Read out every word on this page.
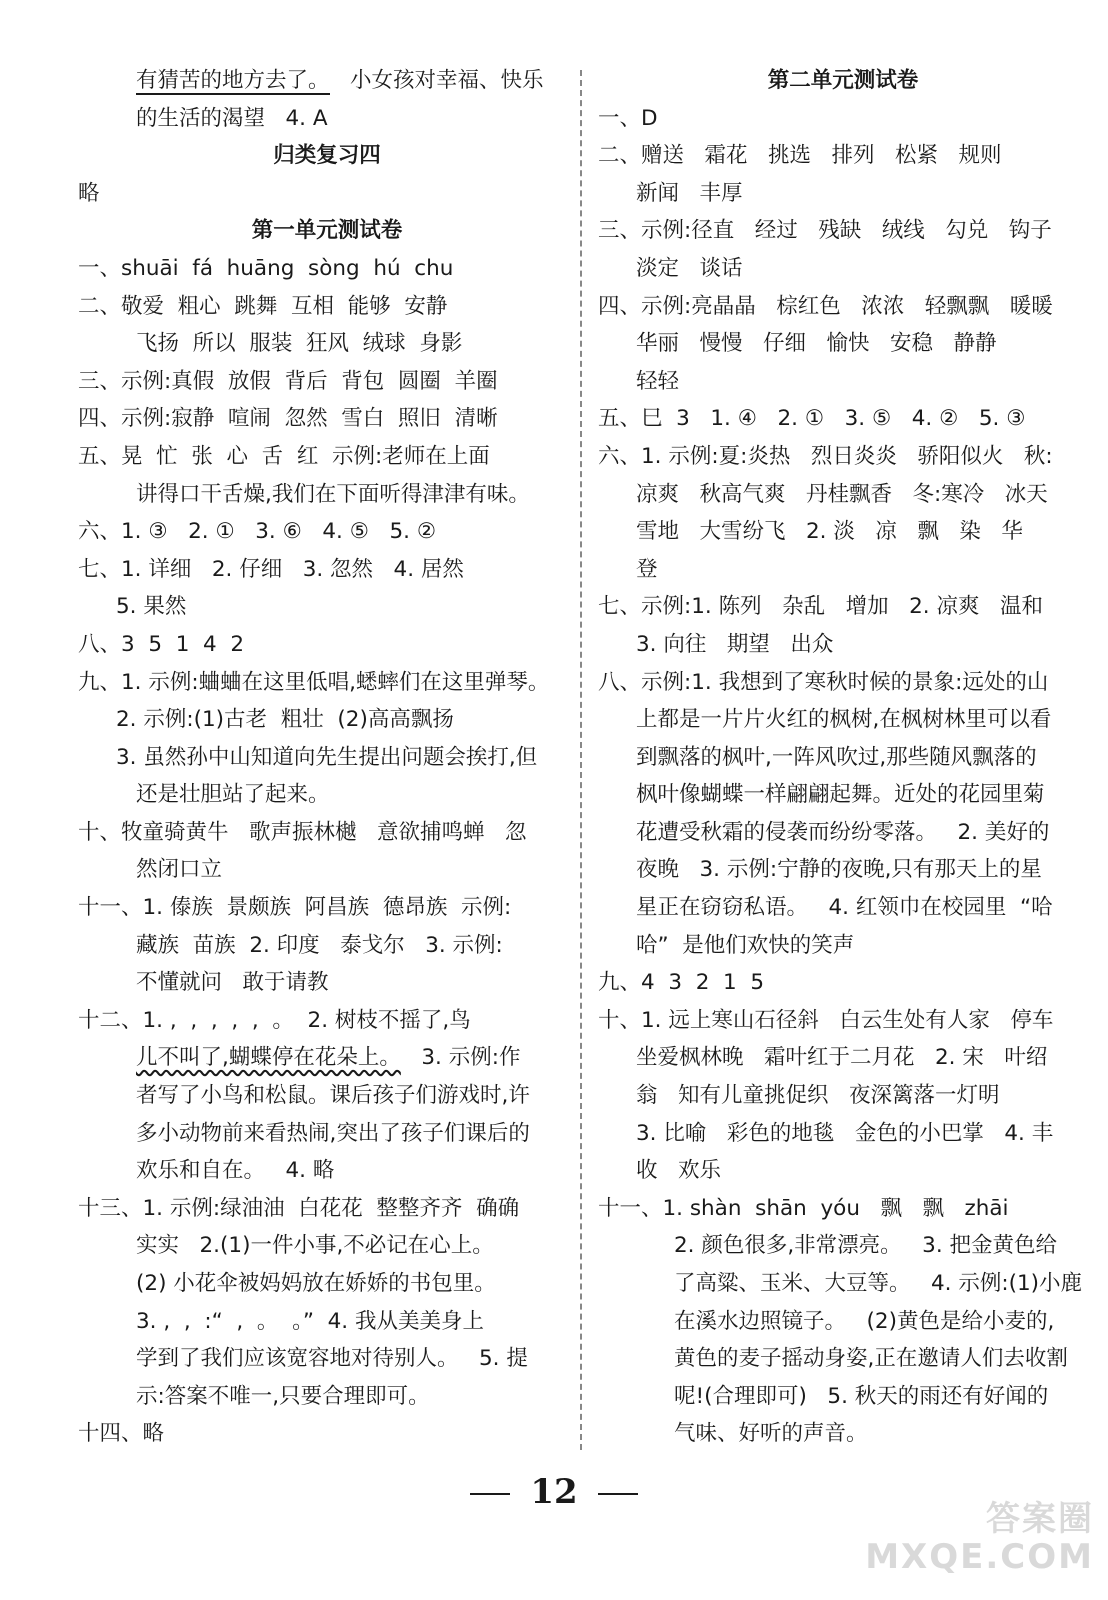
有猜苦的地方去了。   小女孩对幸福、快乐
的生活的渴望   4. A
归类复习四
略
第一单元测试卷
一、shuāi  fá  huāng  sòng  hú  chu
二、敬爱  粗心  跳舞  互相  能够  安静
飞扬  所以  服装  狂风  绒球  身影
三、示例:真假  放假  背后  背包  圆圈  羊圈
四、示例:寂静  喧闹  忽然  雪白  照旧  清晰
五、晃  忙  张  心  舌  红  示例:老师在上面
讲得口干舌燥,我们在下面听得津津有味。
六、1. ③   2. ①   3. ⑥   4. ⑤   5. ②
七、1. 详细   2. 仔细   3. 忽然   4. 居然
5. 果然
八、3  5  1  4  2
九、1. 示例:蛐蛐在这里低唱,蟋蟀们在这里弹琴。
2. 示例:(1)古老  粗壮  (2)高高飘扬
3. 虽然孙中山知道向先生提出问题会挨打,但
还是壮胆站了起来。
十、牧童骑黄牛   歌声振林樾   意欲捕鸣蝉   忽
然闭口立
十一、1. 傣族  景颇族  阿昌族  德昂族  示例:
藏族  苗族  2. 印度   泰戈尔   3. 示例:
不懂就问   敢于请教
十二、1. ,  ,  ,  ,  ,  。  2. 树枝不摇了,鸟
儿不叫了,蝴蝶停在花朵上。   3. 示例:作
者写了小鸟和松鼠。课后孩子们游戏时,许
多小动物前来看热闹,突出了孩子们课后的
欢乐和自在。   4. 略
十三、1. 示例:绿油油  白花花  整整齐齐  确确
实实   2.(1)一件小事,不必记在心上。
(2) 小花伞被妈妈放在娇娇的书包里。
3. ,  ,  :“  ,  。  。”  4. 我从美美身上
学到了我们应该宽容地对待别人。   5. 提
示:答案不唯一,只要合理即可。
十四、略
第二单元测试卷
一、D
二、赠送   霜花   挑选   排列   松紧   规则
新闻   丰厚
三、示例:径直   经过   残缺   绒线   勾兑   钩子
淡定   谈话
四、示例:亮晶晶   棕红色   浓浓   轻飘飘   暖暖
华丽   慢慢   仔细   愉快   安稳   静静
轻轻
五、巳  3   1. ④   2. ①   3. ⑤   4. ②   5. ③
六、1. 示例:夏:炎热   烈日炎炎   骄阳似火   秋:
凉爽   秋高气爽   丹桂飘香   冬:寒冷   冰天
雪地   大雪纷飞   2. 淡   凉   飘   染   华
登
七、示例:1. 陈列   杂乱   增加   2. 凉爽   温和
3. 向往   期望   出众
八、示例:1. 我想到了寒秋时候的景象:远处的山
上都是一片片火红的枫树,在枫树林里可以看
到飘落的枫叶,一阵风吹过,那些随风飘落的
枫叶像蝴蝶一样翩翩起舞。近处的花园里菊
花遭受秋霜的侵袭而纷纷零落。   2. 美好的
夜晚   3. 示例:宁静的夜晚,只有那天上的星
星正在窃窃私语。   4. 红领巾在校园里  “哈
哈”  是他们欢快的笑声
九、4  3  2  1  5
十、1. 远上寒山石径斜   白云生处有人家   停车
坐爱枫林晚   霜叶红于二月花   2. 宋   叶绍
翁   知有儿童挑促织   夜深篱落一灯明
3. 比喻   彩色的地毯   金色的小巴掌   4. 丰
收   欢乐
十一、1. shàn  shān  yóu   飘   飘   zhāi
2. 颜色很多,非常漂亮。   3. 把金黄色给
了高粱、玉米、大豆等。   4. 示例:(1)小鹿
在溪水边照镜子。   (2)黄色是给小麦的,
黄色的麦子摇动身姿,正在邀请人们去收割
呢!(合理即可)   5. 秋天的雨还有好闻的
气味、好听的声音。
12
答案圈
MXQE.COM
